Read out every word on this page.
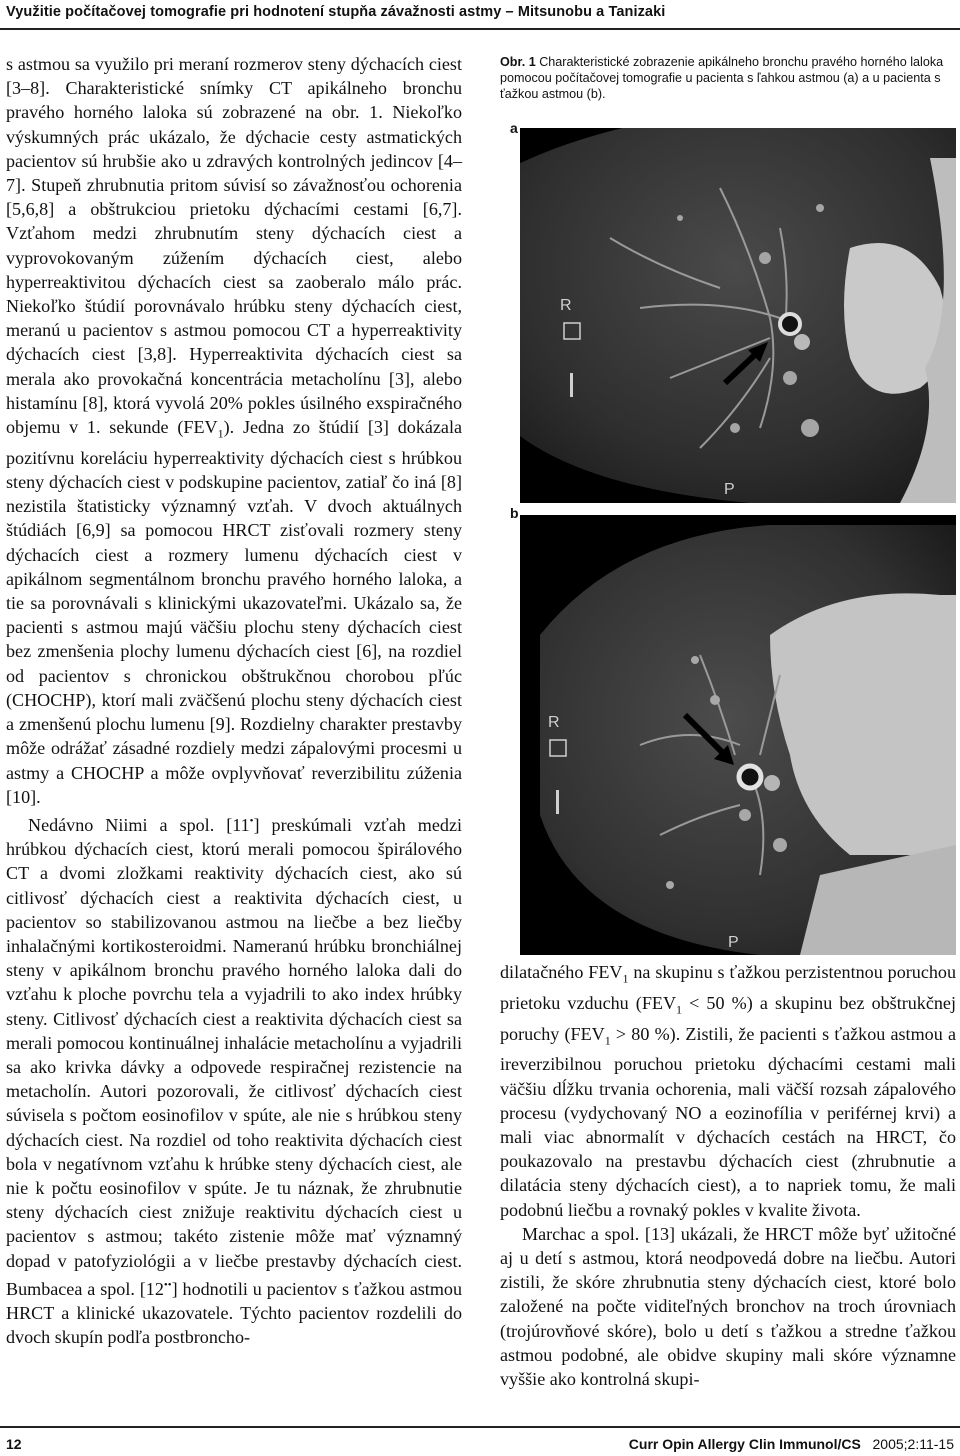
Využitie počítačovej tomografie pri hodnotení stupňa závažnosti astmy – Mitsunobu a Tanizaki

s astmou sa využilo pri meraní rozmerov steny dýchacích ciest [3–8]. Charakteristické snímky CT apikálneho bronchu pravého horného laloka sú zobrazené na obr. 1. Niekoľko výskumných prác ukázalo, že dýchacie cesty astmatických pacientov sú hrubšie ako u zdravých kontrolných jedincov [4–7]. Stupeň zhrubnutia pritom súvisí so závažnosťou ochorenia [5,6,8] a obštrukciou prietoku dýchacími cestami [6,7]. Vzťahom medzi zhrubnutím steny dýchacích ciest a vyprovokovaným zúžením dýchacích ciest, alebo hyperreaktivitou dýchacích ciest sa zaoberalo málo prác. Niekoľko štúdií porovnávalo hrúbku steny dýchacích ciest, meranú u pacientov s astmou pomocou CT a hyperreaktivity dýchacích ciest [3,8]. Hyperreaktivita dýchacích ciest sa merala ako provokačná koncentrácia metacholínu [3], alebo histamínu [8], ktorá vyvolá 20% pokles úsilného exspiračného objemu v 1. sekunde $(FEV_1)$. Jedna zo štúdií [3] dokázala pozitívnu koreláciu hyperreaktivity dýchacích ciest s hrúbkou steny dýchacích ciest v podskupine pacientov, zatiaľ čo iná [8] nezistila štatisticky významný vzťah. V dvoch aktuálnych štúdiách [6,9] sa pomocou HRCT zisťovali rozmery steny dýchacích ciest a rozmery lumenu dýchacích ciest v apikálnom segmentálnom bronchu pravého horného laloka, a tie sa porovnávali s klinickými ukazovateľmi. Ukázalo sa, že pacienti s astmou majú väčšiu plochu steny dýchacích ciest bez zmenšenia plochy lumenu dýchacích ciest [6], na rozdiel od pacientov s chronickou obštrukčnou chorobou pľúc (CHOCHP), ktorí mali zväčšenú plochu steny dýchacích ciest a zmenšenú plochu lumenu [9]. Rozdielny charakter prestavby môže odrážať zásadné rozdiely medzi zápalovými procesmi u astmy a CHOCHP a môže ovplyvňovať reverzibilitu zúženia [10].

Nedávno Niimi a spol. [11•] preskúmali vzťah medzi hrúbkou dýchacích ciest, ktorú merali pomocou špirálového CT a dvomi zložkami reaktivity dýchacích ciest, ako sú citlivosť dýchacích ciest a reaktivita dýchacích ciest, u pacientov so stabilizovanou astmou na liečbe a bez liečby inhalačnými kortikosteroidmi. Nameranú hrúbku bronchiálnej steny v apikálnom bronchu pravého horného laloka dali do vzťahu k ploche povrchu tela a vyjadrili to ako index hrúbky steny. Citlivosť dýchacích ciest a reaktivita dýchacích ciest sa merali pomocou kontinuálnej inhalácie metacholínu a vyjadrili sa ako krivka dávky a odpovede respiračnej rezistencie na metacholín. Autori pozorovali, že citlivosť dýchacích ciest súvisela s počtom eosinofilov v spúte, ale nie s hrúbkou steny dýchacích ciest. Na rozdiel od toho reaktivita dýchacích ciest bola v negatívnom vzťahu k hrúbke steny dýchacích ciest, ale nie k počtu eosinofilov v spúte. Je tu náznak, že zhrubnutie steny dýchacích ciest znižuje reaktivitu dýchacích ciest u pacientov s astmou; takéto zistenie môže mať významný dopad v patofyziológii a v liečbe prestavby dýchacích ciest. Bumbacea a spol. [12••] hodnotili u pacientov s ťažkou astmou HRCT a klinické ukazovatele. Týchto pacientov rozdelili do dvoch skupín podľa postbroncho-

Obr. 1 Charakteristické zobrazenie apikálneho bronchu pravého horného laloka pomocou počítačovej tomografie u pacienta s ľahkou astmou (a) a u pacienta s ťažkou astmou (b).
a
R
P
b
R
P

dilatačného $FEV_1$ na skupinu s ťažkou perzistentnou poruchou prietoku vzduchu ($FEV_1 < 50$ %) a skupinu bez obštrukčnej poruchy ($FEV_1 > 80$ %). Zistili, že pacienti s ťažkou astmou a ireverzibilnou poruchou prietoku dýchacími cestami mali väčšiu dĺžku trvania ochorenia, mali väčší rozsah zápalového procesu (vydychovaný NO a eozinofília v periférnej krvi) a mali viac abnormalít v dýchacích cestách na HRCT, čo poukazovalo na prestavbu dýchacích ciest (zhrubnutie a dilatácia steny dýchacích ciest), a to napriek tomu, že mali podobnú liečbu a rovnaký pokles v kvalite života.

Marchac a spol. [13] ukázali, že HRCT môže byť užitočné aj u detí s astmou, ktorá neodpovedá dobre na liečbu. Autori zistili, že skóre zhrubnutia steny dýchacích ciest, ktoré bolo založené na počte viditeľných bronchov na troch úrovniach (trojúrovňové skóre), bolo u detí s ťažkou a stredne ťažkou astmou podobné, ale obidve skupiny mali skóre významne vyššie ako kontrolná skupi-

12	Curr Opin Allergy Clin Immunol/CS 2005;2:11-15
